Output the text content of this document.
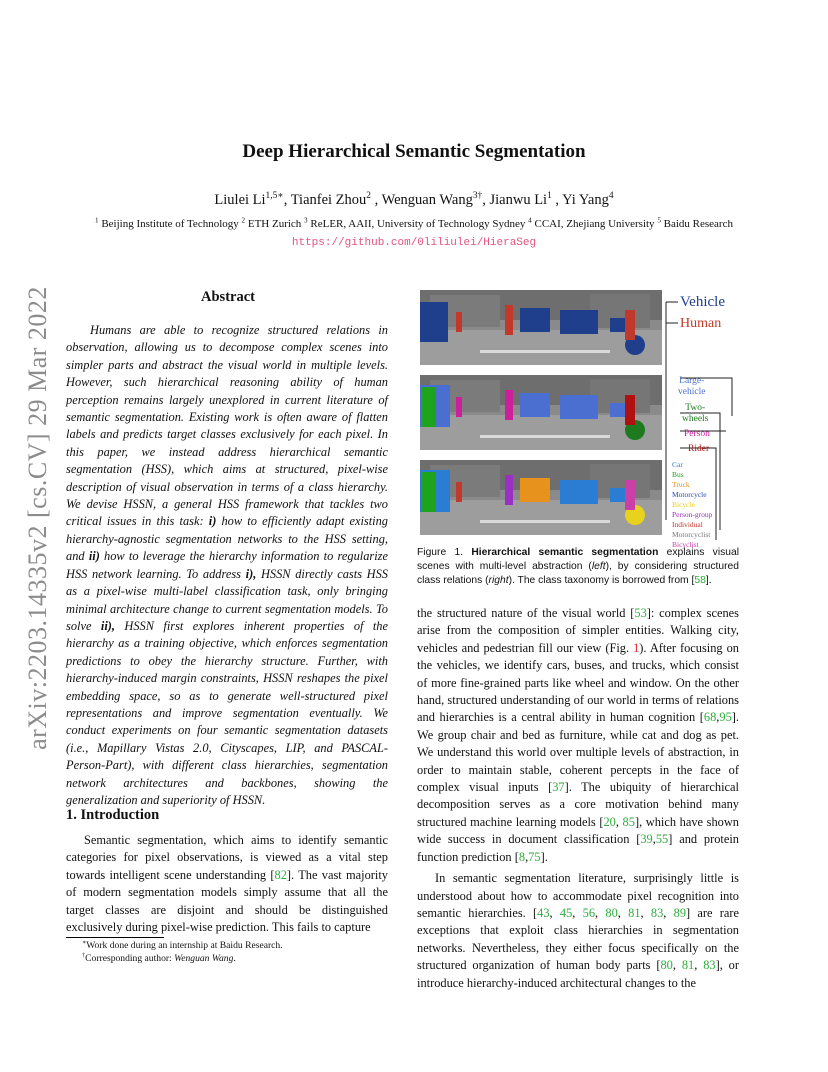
arXiv:2203.14335v2 [cs.CV] 29 Mar 2022
Deep Hierarchical Semantic Segmentation
Liulei $Li^{1,5∗}$, Tianfei Zhou$^2$ , Wenguan Wang$^{3\dagger}$, Jianwu Li$^1$ , Yi Yang$^4$
$^1$ Beijing Institute of Technology $^2$ ETH Zurich $^3$ ReLER, AAII, University of Technology Sydney $^4$ CCAI, Zhejiang University $^5$ Baidu Research
https://github.com/0liliulei/HieraSeg
Abstract

Humans are able to recognize structured relations in observation, allowing us to decompose complex scenes into simpler parts and abstract the visual world in multiple levels. However, such hierarchical reasoning ability of human perception remains largely unexplored in current literature of semantic segmentation. Existing work is often aware of flatten labels and predicts target classes exclusively for each pixel. In this paper, we instead address hierarchical semantic segmentation (HSS), which aims at structured, pixel-wise description of visual observation in terms of a class hierarchy. We devise HSSN, a general HSS framework that tackles two critical issues in this task: i) how to efficiently adapt existing hierarchy-agnostic segmentation networks to the HSS setting, and ii) how to leverage the hierarchy information to regularize HSS network learning. To address i), HSSN directly casts HSS as a pixel-wise multi-label classification task, only bringing minimal architecture change to current segmentation models. To solve ii), HSSN first explores inherent properties of the hierarchy as a training objective, which enforces segmentation predictions to obey the hierarchy structure. Further, with hierarchy-induced margin constraints, HSSN reshapes the pixel embedding space, so as to generate well-structured pixel representations and improve segmentation eventually. We conduct experiments on four semantic segmentation datasets (i.e., Mapillary Vistas 2.0, Cityscapes, LIP, and PASCAL-Person-Part), with different class hierarchies, segmentation network architectures and backbones, showing the generalization and superiority of HSSN.

1. Introduction

Semantic segmentation, which aims to identify semantic categories for pixel observations, is viewed as a vital step towards intelligent scene understanding [82]. The vast majority of modern segmentation models simply assume that all the target classes are disjoint and should be distinguished exclusively during pixel-wise prediction. This fails to capture

∗Work done during an internship at Baidu Research.
†Corresponding author: Wenguan Wang.
Vehicle
Human
Large-
vehicle
Two-
wheels
Person
Rider
Car
Bus
Truck
Motorcycle
Bicycle
Person-group
Individual
Motorcyclist
Bicyclist
Figure 1. Hierarchical semantic segmentation explains visual scenes with multi-level abstraction (left), by considering structured class relations (right). The class taxonomy is borrowed from [58].

the structured nature of the visual world [53]: complex scenes arise from the composition of simpler entities. Walking city, vehicles and pedestrian fill our view (Fig. 1). After focusing on the vehicles, we identify cars, buses, and trucks, which consist of more fine-grained parts like wheel and window. On the other hand, structured understanding of our world in terms of relations and hierarchies is a central ability in human cognition [68,95]. We group chair and bed as furniture, while cat and dog as pet. We understand this world over multiple levels of abstraction, in order to maintain stable, coherent percepts in the face of complex visual inputs [37]. The ubiquity of hierarchical decomposition serves as a core motivation behind many structured machine learning models [20, 85], which have shown wide success in document classification [39,55] and protein function prediction [8,75].

In semantic segmentation literature, surprisingly little is understood about how to accommodate pixel recognition into semantic hierarchies. [43, 45, 56, 80, 81, 83, 89] are rare exceptions that exploit class hierarchies in segmentation networks. Nevertheless, they either focus specifically on the structured organization of human body parts [80, 81, 83], or introduce hierarchy-induced architectural changes to the
